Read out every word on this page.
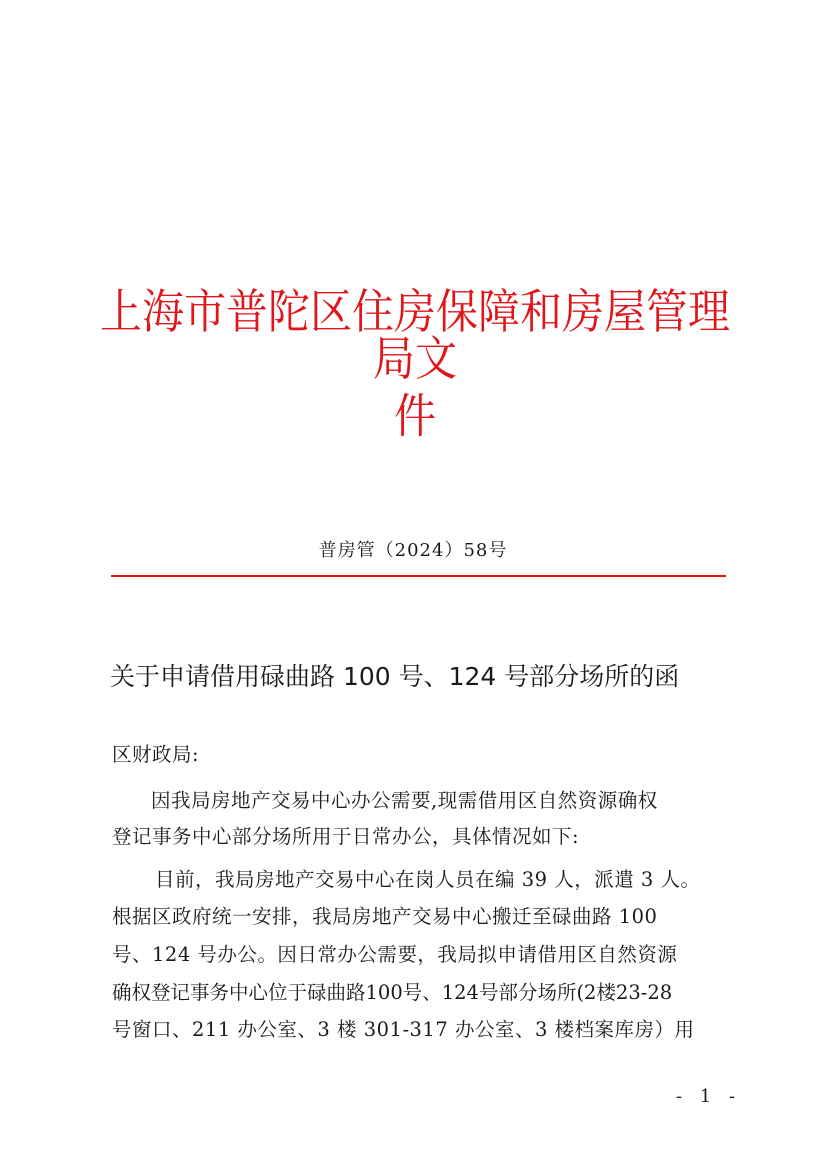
上海市普陀区住房保障和房屋管理局文
件
普房管（2024）58号
关于申请借用碌曲路 100 号、124 号部分场所的函
区财政局:
因我局房地产交易中心办公需要,现需借用区自然资源确权
登记事务中心部分场所用于日常办公，具体情况如下:
目前，我局房地产交易中心在岗人员在编 39 人，派遣 3 人。
根据区政府统一安排，我局房地产交易中心搬迁至碌曲路 100
号、124 号办公。因日常办公需要，我局拟申请借用区自然资源
确权登记事务中心位于碌曲路100号、124号部分场所(2楼23-28
号窗口、211 办公室、3 楼 301-317 办公室、3 楼档案库房）用
- 1 -
